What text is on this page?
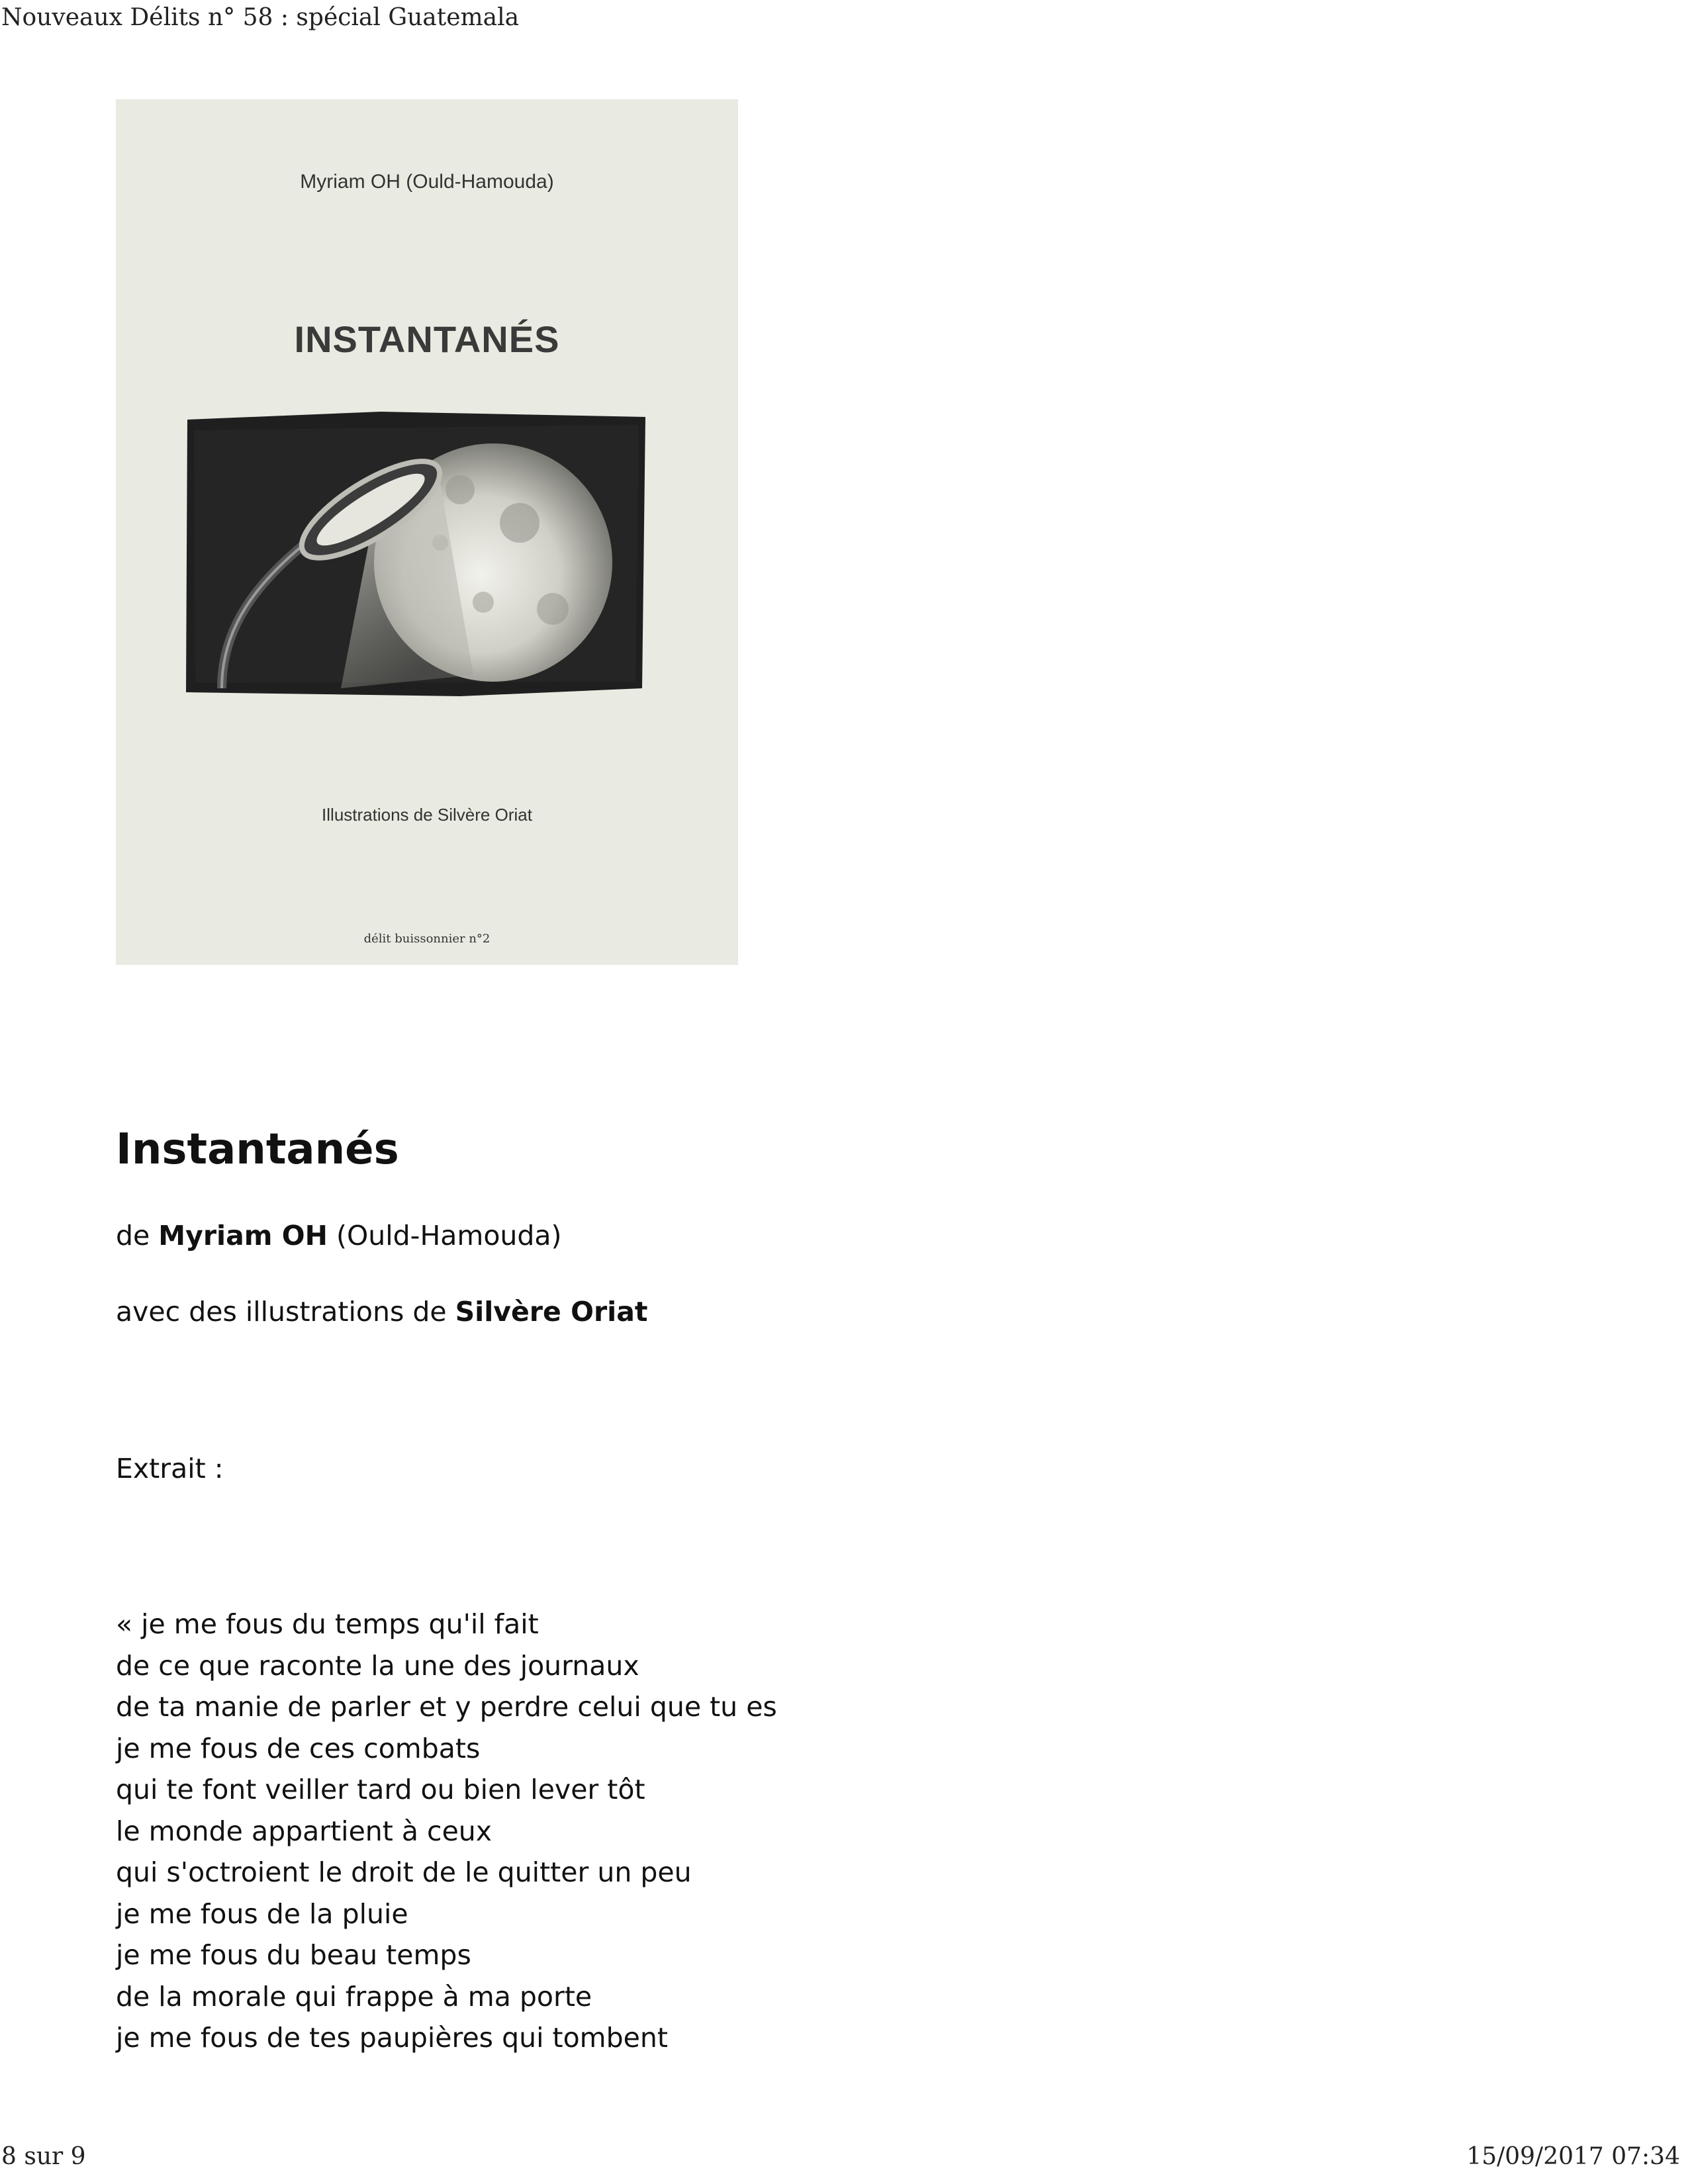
Nouveaux Délits n° 58 : spécial Guatemala
Myriam OH (Ould-Hamouda)
INSTANTANÉS
Illustrations de Silvère Oriat
délit buissonnier n°2
Instantanés
de Myriam OH (Ould-Hamouda)
avec des illustrations de Silvère Oriat
Extrait :
« je me fous du temps qu'il fait
de ce que raconte la une des journaux
de ta manie de parler et y perdre celui que tu es
je me fous de ces combats
qui te font veiller tard ou bien lever tôt
le monde appartient à ceux
qui s'octroient le droit de le quitter un peu
je me fous de la pluie
je me fous du beau temps
de la morale qui frappe à ma porte
je me fous de tes paupières qui tombent
8 sur 9	15/09/2017 07:34
